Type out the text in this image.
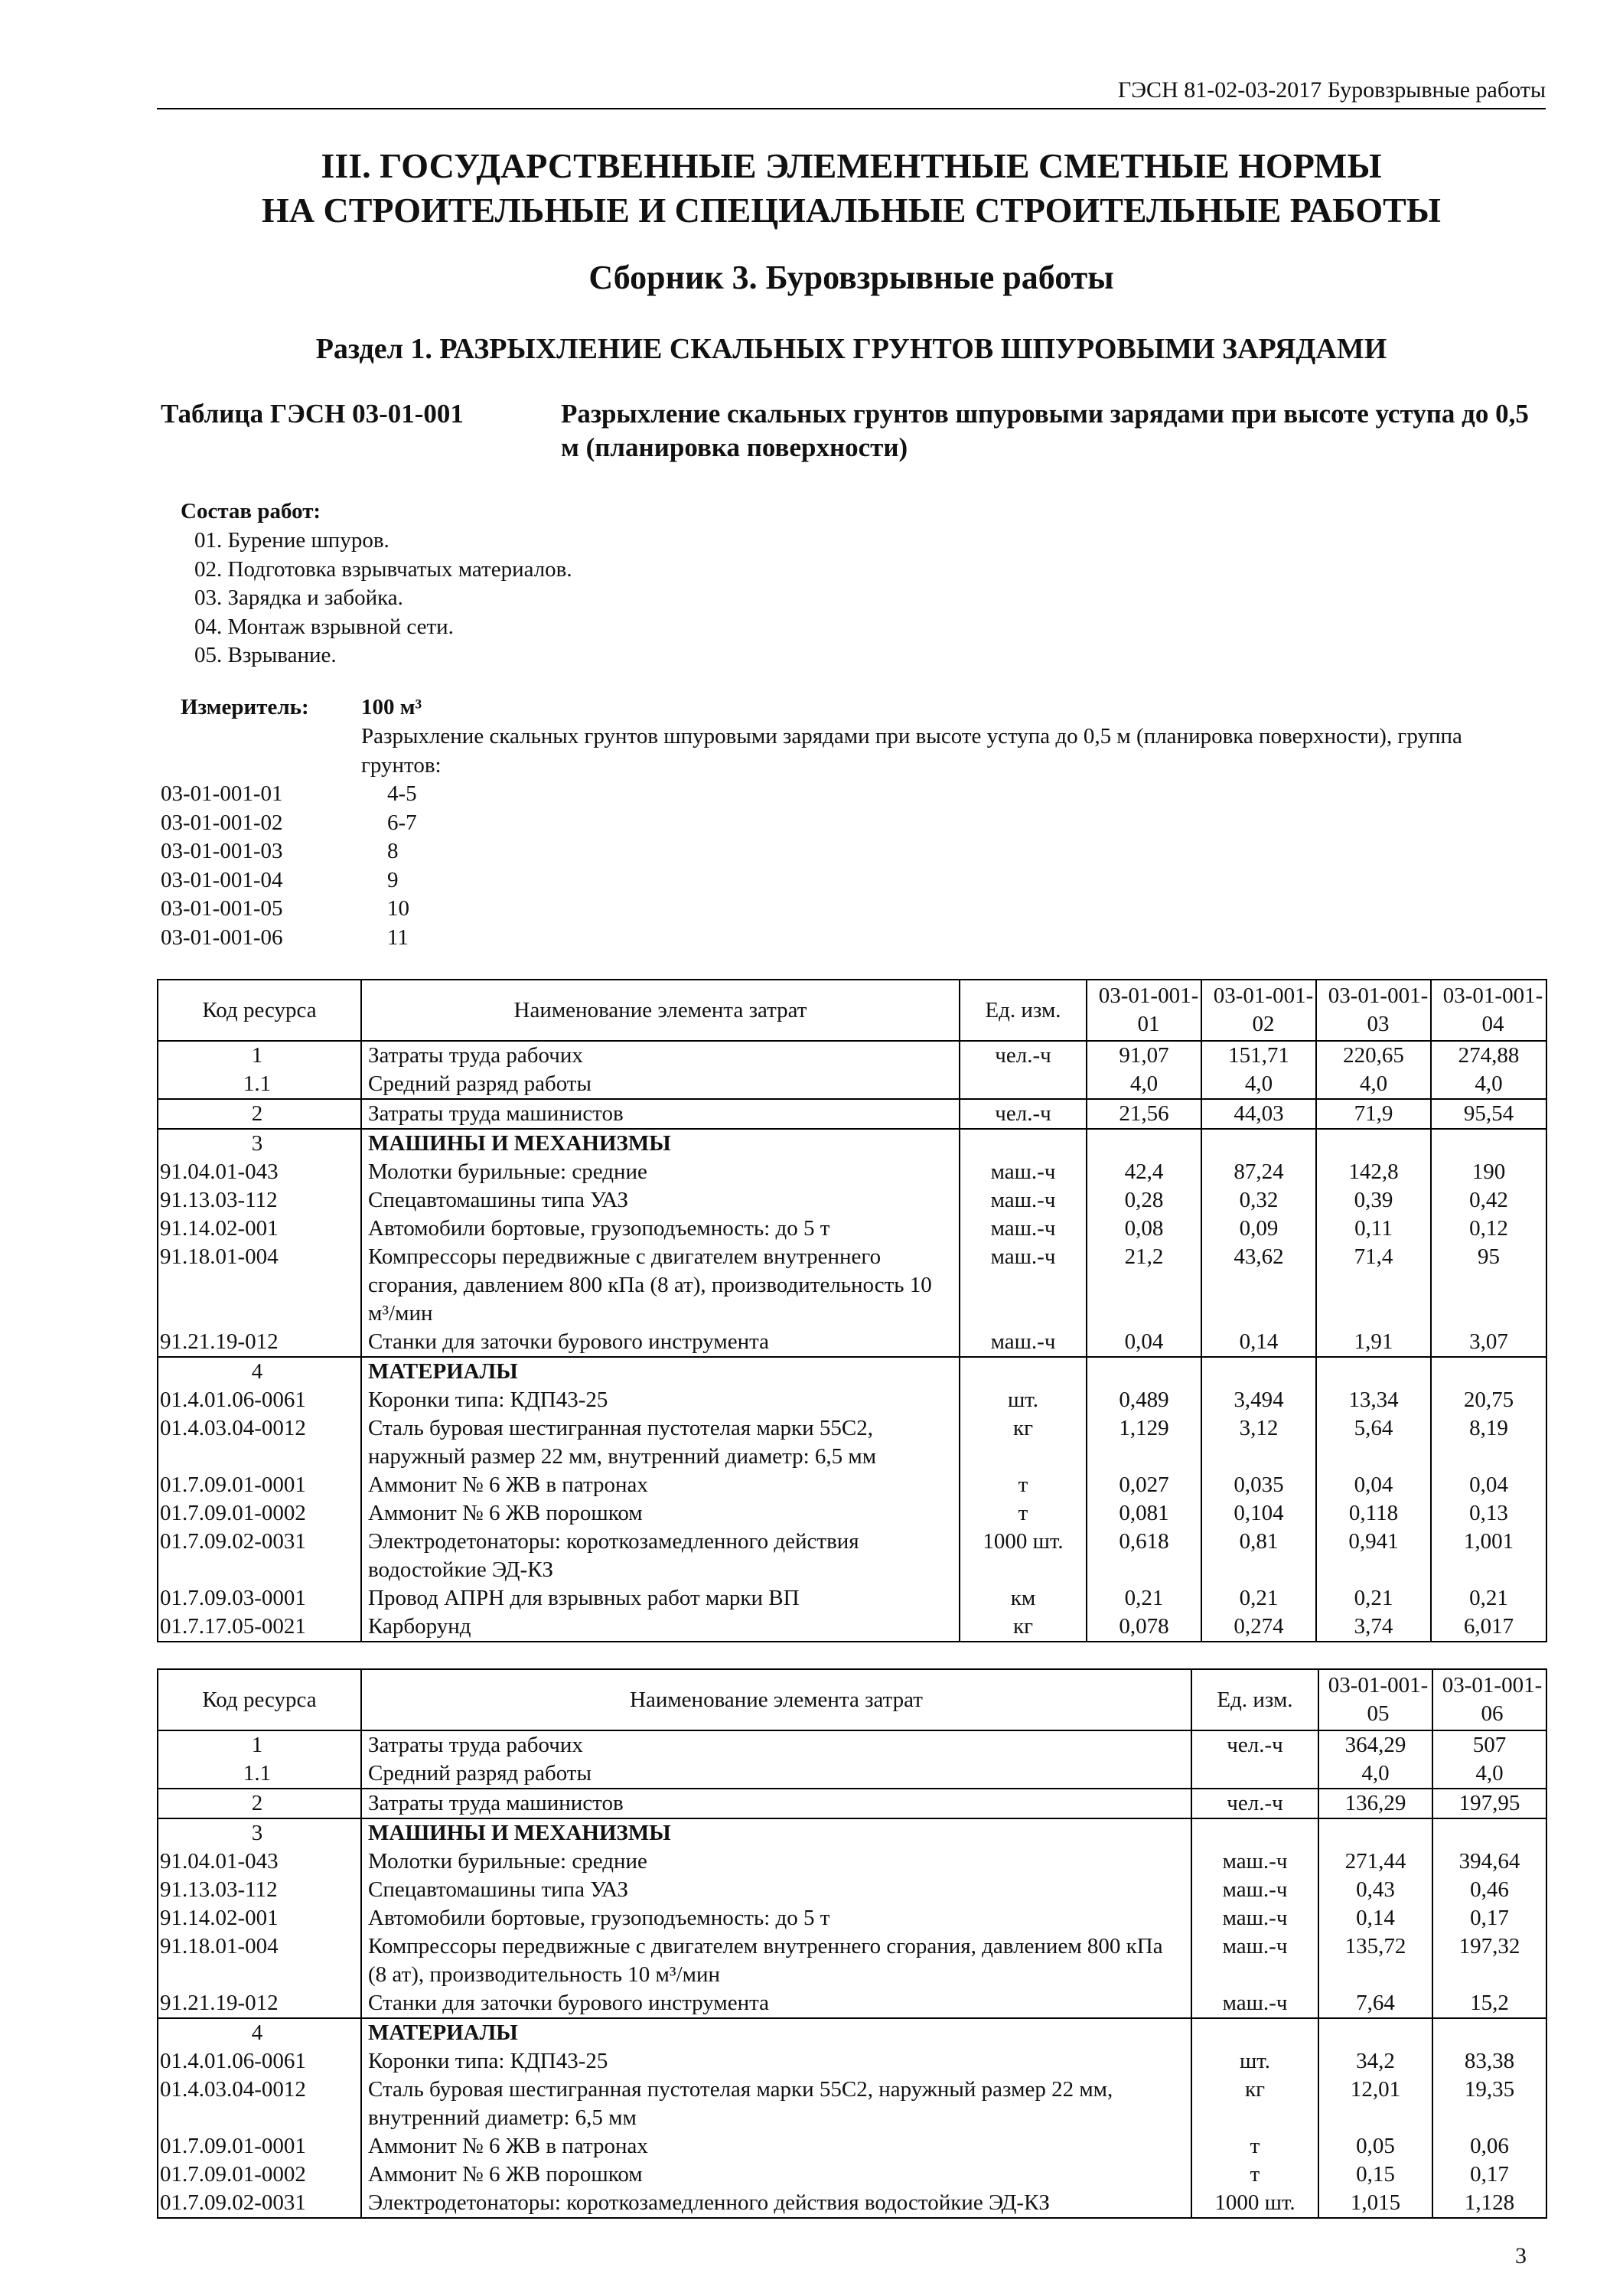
ГЭСН 81-02-03-2017 Буровзрывные работы
III. ГОСУДАРСТВЕННЫЕ ЭЛЕМЕНТНЫЕ СМЕТНЫЕ НОРМЫ
НА СТРОИТЕЛЬНЫЕ И СПЕЦИАЛЬНЫЕ СТРОИТЕЛЬНЫЕ РАБОТЫ
Сборник 3. Буровзрывные работы
Раздел 1. РАЗРЫХЛЕНИЕ СКАЛЬНЫХ ГРУНТОВ ШПУРОВЫМИ ЗАРЯДАМИ
Таблица ГЭСН 03-01-001	Разрыхление скальных грунтов шпуровыми зарядами при высоте уступа до 0,5 м (планировка поверхности)
Состав работ:
01. Бурение шпуров.
02. Подготовка взрывчатых материалов.
03. Зарядка и забойка.
04. Монтаж взрывной сети.
05. Взрывание.
Измеритель: 100 м³
Разрыхление скальных грунтов шпуровыми зарядами при высоте уступа до 0,5 м (планировка поверхности), группа грунтов:
03-01-001-01	4-5
03-01-001-02	6-7
03-01-001-03	8
03-01-001-04	9
03-01-001-05	10
03-01-001-06	11
Код ресурса	Наименование элемента затрат	Ед. изм.	03-01-001-01	03-01-001-02	03-01-001-03	03-01-001-04

1	Затраты труда рабочих	чел.-ч	91,07	151,71	220,65	274,88
1.1	Средний разряд работы		4,0	4,0	4,0	4,0
2	Затраты труда машинистов	чел.-ч	21,56	44,03	71,9	95,54
3	МАШИНЫ И МЕХАНИЗМЫ					
91.04.01-043	Молотки бурильные: средние	маш.-ч	42,4	87,24	142,8	190
91.13.03-112	Спецавтомашины типа УАЗ	маш.-ч	0,28	0,32	0,39	0,42
91.14.02-001	Автомобили бортовые, грузоподъемность: до 5 т	маш.-ч	0,08	0,09	0,11	0,12
91.18.01-004	Компрессоры передвижные с двигателем внутреннего сгорания, давлением 800 кПа (8 ат), производительность 10 м³/мин	маш.-ч	21,2	43,62	71,4	95
91.21.19-012	Станки для заточки бурового инструмента	маш.-ч	0,04	0,14	1,91	3,07
4	МАТЕРИАЛЫ					
01.4.01.06-0061	Коронки типа: КДП43-25	шт.	0,489	3,494	13,34	20,75
01.4.03.04-0012	Сталь буровая шестигранная пустотелая марки 55С2, наружный размер 22 мм, внутренний диаметр: 6,5 мм	кг	1,129	3,12	5,64	8,19
01.7.09.01-0001	Аммонит № 6 ЖВ в патронах	т	0,027	0,035	0,04	0,04
01.7.09.01-0002	Аммонит № 6 ЖВ порошком	т	0,081	0,104	0,118	0,13
01.7.09.02-0031	Электродетонаторы: короткозамедленного действия водостойкие ЭД-КЗ	1000 шт.	0,618	0,81	0,941	1,001
01.7.09.03-0001	Провод АПРН для взрывных работ марки ВП	км	0,21	0,21	0,21	0,21
01.7.17.05-0021	Карборунд	кг	0,078	0,274	3,74	6,017
Код ресурса	Наименование элемента затрат	Ед. изм.	03-01-001-05	03-01-001-06

1	Затраты труда рабочих	чел.-ч	364,29	507
1.1	Средний разряд работы		4,0	4,0
2	Затраты труда машинистов	чел.-ч	136,29	197,95
3	МАШИНЫ И МЕХАНИЗМЫ			
91.04.01-043	Молотки бурильные: средние	маш.-ч	271,44	394,64
91.13.03-112	Спецавтомашины типа УАЗ	маш.-ч	0,43	0,46
91.14.02-001	Автомобили бортовые, грузоподъемность: до 5 т	маш.-ч	0,14	0,17
91.18.01-004	Компрессоры передвижные с двигателем внутреннего сгорания, давлением 800 кПа (8 ат), производительность 10 м³/мин	маш.-ч	135,72	197,32
91.21.19-012	Станки для заточки бурового инструмента	маш.-ч	7,64	15,2
4	МАТЕРИАЛЫ			
01.4.01.06-0061	Коронки типа: КДП43-25	шт.	34,2	83,38
01.4.03.04-0012	Сталь буровая шестигранная пустотелая марки 55С2, наружный размер 22 мм, внутренний диаметр: 6,5 мм	кг	12,01	19,35
01.7.09.01-0001	Аммонит № 6 ЖВ в патронах	т	0,05	0,06
01.7.09.01-0002	Аммонит № 6 ЖВ порошком	т	0,15	0,17
01.7.09.02-0031	Электродетонаторы: короткозамедленного действия водостойкие ЭД-КЗ	1000 шт.	1,015	1,128
3
